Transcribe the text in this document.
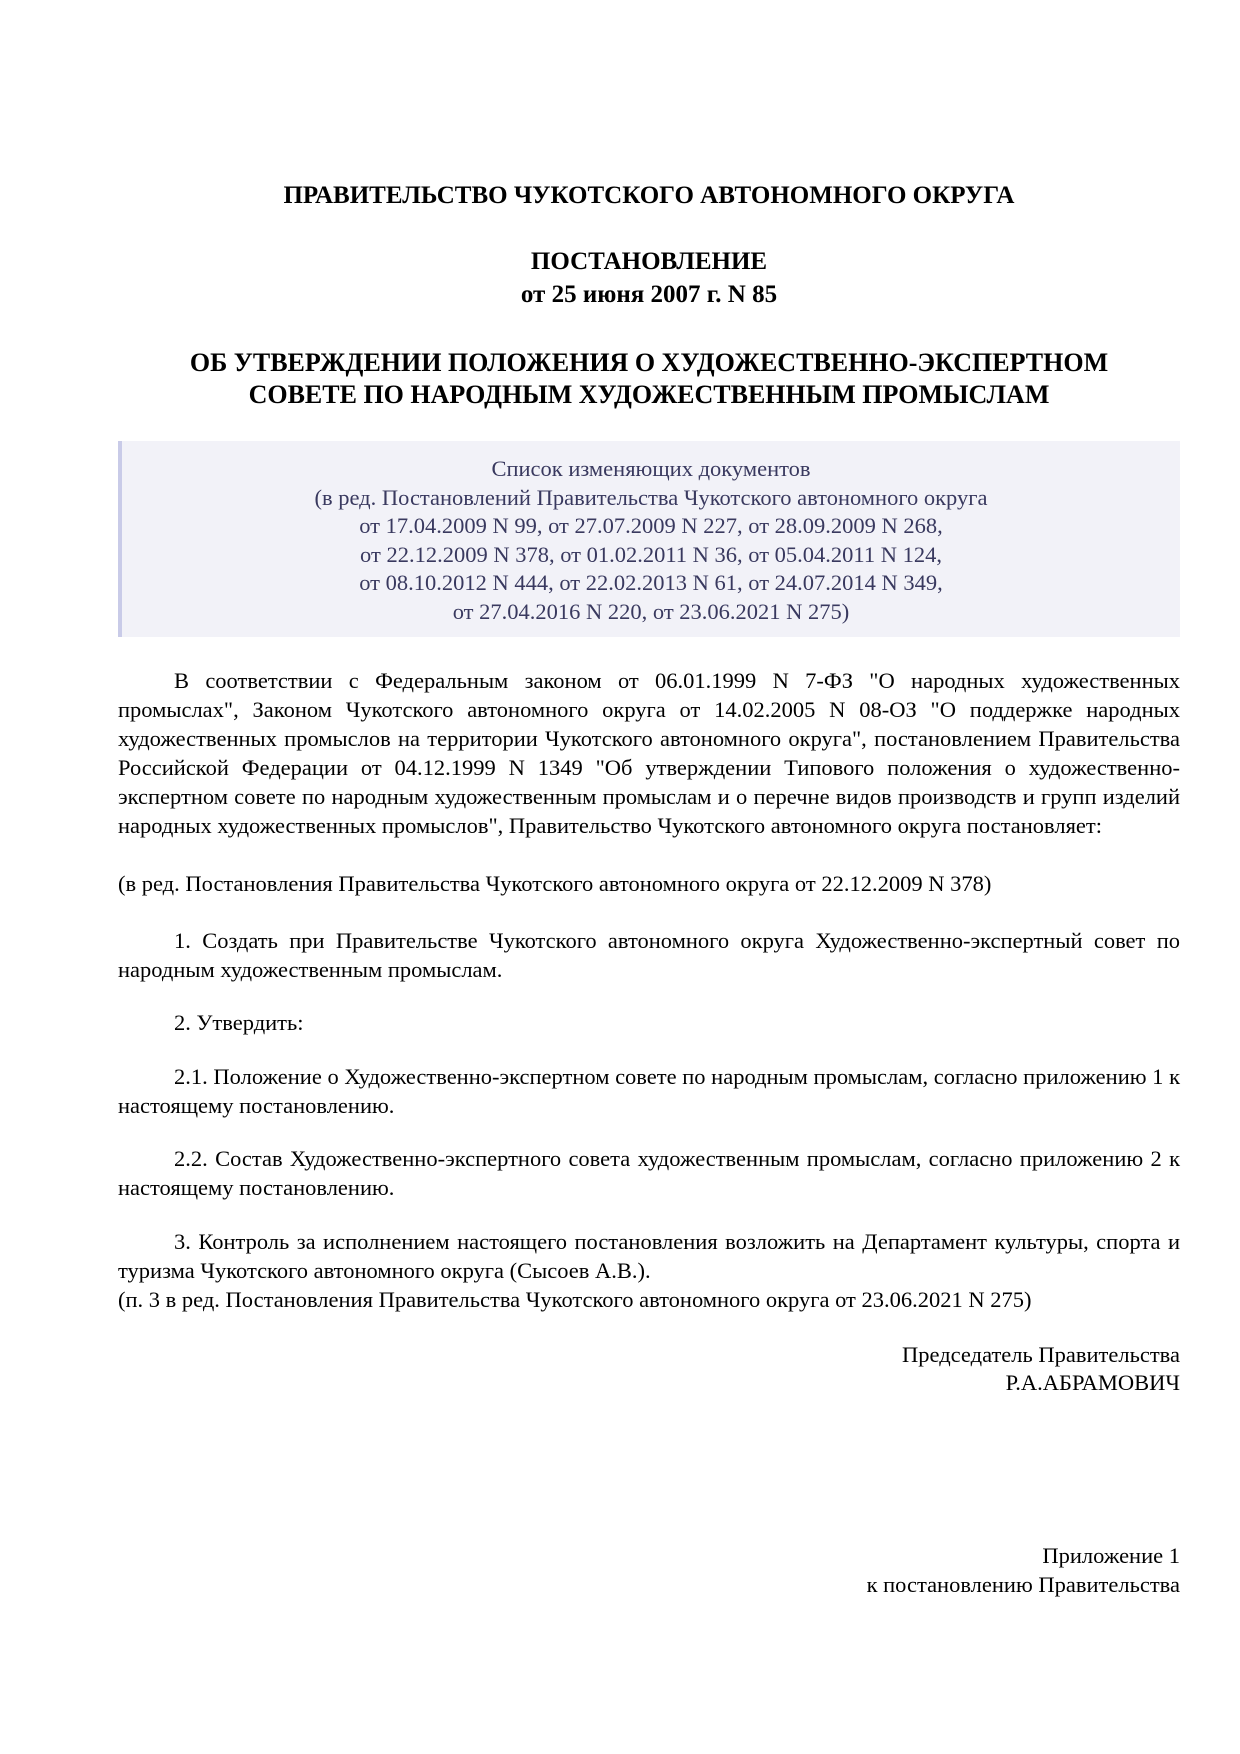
ПРАВИТЕЛЬСТВО ЧУКОТСКОГО АВТОНОМНОГО ОКРУГА
ПОСТАНОВЛЕНИЕ
от 25 июня 2007 г. N 85
ОБ УТВЕРЖДЕНИИ ПОЛОЖЕНИЯ О ХУДОЖЕСТВЕННО-ЭКСПЕРТНОМ
СОВЕТЕ ПО НАРОДНЫМ ХУДОЖЕСТВЕННЫМ ПРОМЫСЛАМ
Список изменяющих документов
(в ред. Постановлений Правительства Чукотского автономного округа
от 17.04.2009 N 99, от 27.07.2009 N 227, от 28.09.2009 N 268,
от 22.12.2009 N 378, от 01.02.2011 N 36, от 05.04.2011 N 124,
от 08.10.2012 N 444, от 22.02.2013 N 61, от 24.07.2014 N 349,
от 27.04.2016 N 220, от 23.06.2021 N 275)
В соответствии с Федеральным законом от 06.01.1999 N 7-ФЗ "О народных художественных промыслах", Законом Чукотского автономного округа от 14.02.2005 N 08-ОЗ "О поддержке народных художественных промыслов на территории Чукотского автономного округа", постановлением Правительства Российской Федерации от 04.12.1999 N 1349 "Об утверждении Типового положения о художественно-экспертном совете по народным художественным промыслам и о перечне видов производств и групп изделий народных художественных промыслов", Правительство Чукотского автономного округа постановляет:
(в ред. Постановления Правительства Чукотского автономного округа от 22.12.2009 N 378)
1. Создать при Правительстве Чукотского автономного округа Художественно-экспертный совет по народным художественным промыслам.
2. Утвердить:
2.1. Положение о Художественно-экспертном совете по народным промыслам, согласно приложению 1 к настоящему постановлению.
2.2. Состав Художественно-экспертного совета художественным промыслам, согласно приложению 2 к настоящему постановлению.
3. Контроль за исполнением настоящего постановления возложить на Департамент культуры, спорта и туризма Чукотского автономного округа (Сысоев А.В.).
(п. 3 в ред. Постановления Правительства Чукотского автономного округа от 23.06.2021 N 275)
Председатель Правительства
Р.А.АБРАМОВИЧ
Приложение 1
к постановлению Правительства
